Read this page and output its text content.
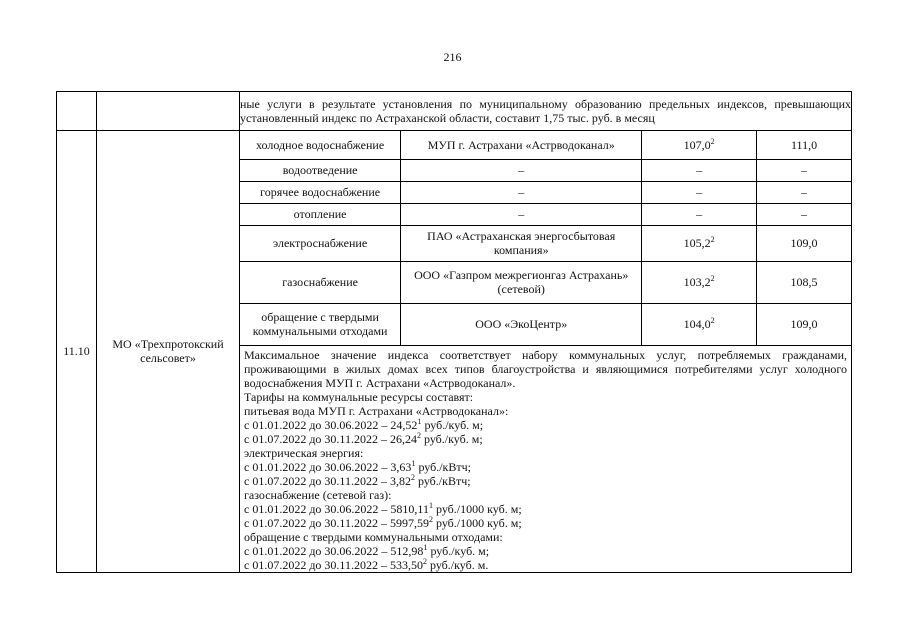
216
		ные услуги в результате установления по муниципальному образованию предельных индексов, превышающих установленный индекс по Астраханской области, составит 1,75 тыс. руб. в месяц
11.10	МО «Трехпротокский сельсовет»	
холодное водоснабжение	МУП г. Астрахани «Астрводоканал»	107,0$^2$	111,0
водоотведение	–	–	–
горячее водоснабжение	–	–	–
отопление	–	–	–
электроснабжение	ПАО «Астраханская энергосбытовая компания»	105,2$^2$	109,0
газоснабжение	ООО «Газпром межрегионгаз Астрахань» (сетевой)	103,2$^2$	108,5
обращение с твердыми коммунальными отходами	ООО «ЭкоЦентр»	104,0$^2$	109,0
Максимальное значение индекса соответствует набору коммунальных услуг, потребляемых гражданами, проживающими в жилых домах всех типов благоустройства и являющимися потребителями услуг холодного водоснабжения МУП г. Астрахани «Астрводоканал».
Тарифы на коммунальные ресурсы составят:
питьевая вода МУП г. Астрахани «Астрводоканал»:
с 01.01.2022 до 30.06.2022 – 24,52$^1$ руб./куб. м;
с 01.07.2022 до 30.11.2022 – 26,24$^2$ руб./куб. м;
электрическая энергия:
с 01.01.2022 до 30.06.2022 – 3,63$^1$ руб./кВтч;
с 01.07.2022 до 30.11.2022 – 3,82$^2$ руб./кВтч;
газоснабжение (сетевой газ):
с 01.01.2022 до 30.06.2022 – 5810,11$^1$ руб./1000 куб. м;
с 01.07.2022 до 30.11.2022 – 5997,59$^2$ руб./1000 куб. м;
обращение с твердыми коммунальными отходами:
с 01.01.2022 до 30.06.2022 – 512,98$^1$ руб./куб. м;
с 01.07.2022 до 30.11.2022 – 533,50$^2$ руб./куб. м.
